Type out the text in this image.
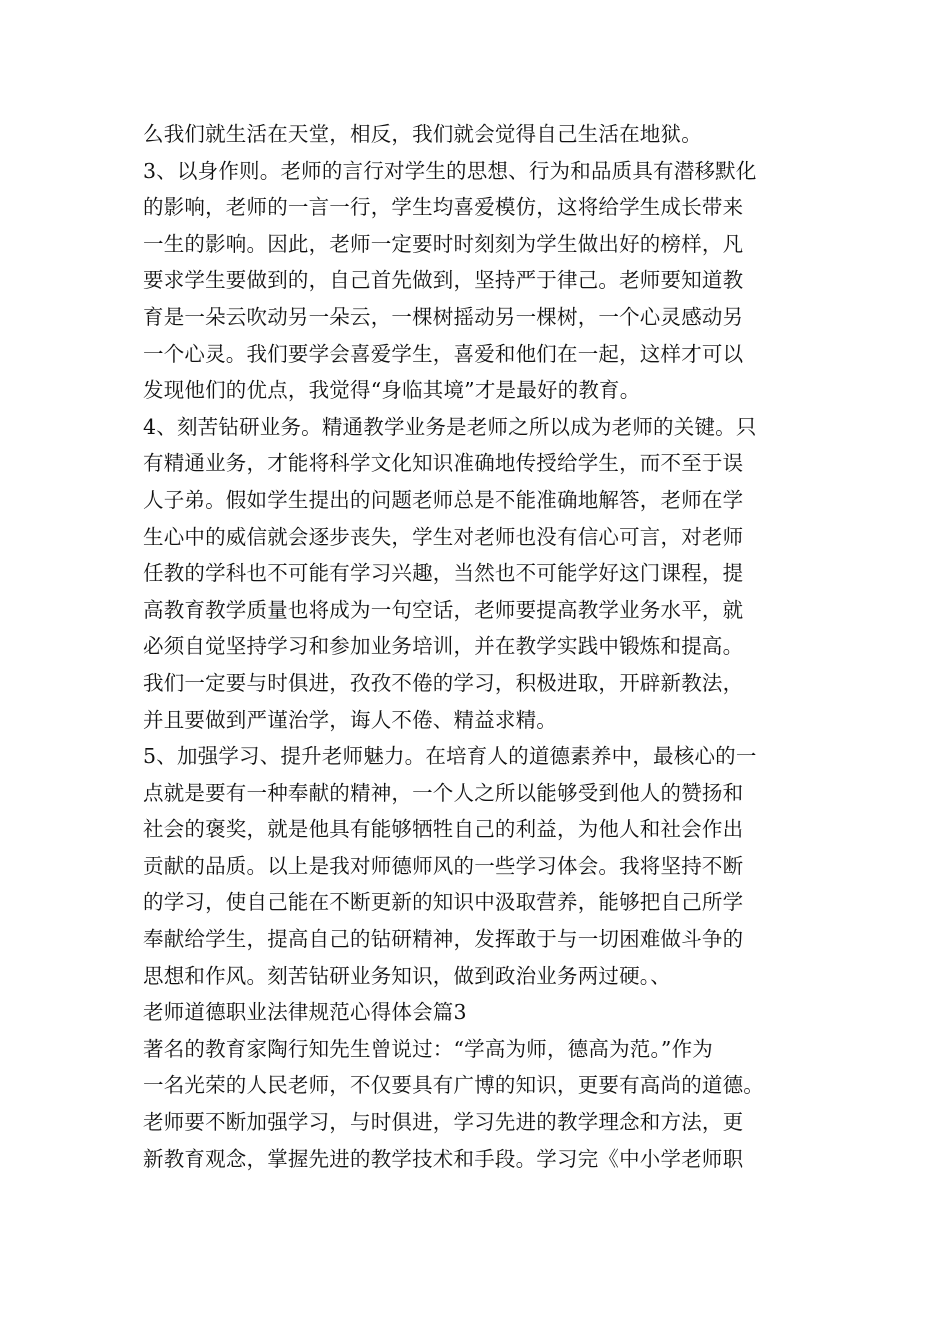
么我们就生活在天堂，相反，我们就会觉得自己生活在地狱。
3、以身作则。老师的言行对学生的思想、行为和品质具有潜移默化
的影响，老师的一言一行，学生均喜爱模仿，这将给学生成长带来
一生的影响。因此，老师一定要时时刻刻为学生做出好的榜样，凡
要求学生要做到的，自己首先做到，坚持严于律己。老师要知道教
育是一朵云吹动另一朵云，一棵树摇动另一棵树，一个心灵感动另
一个心灵。我们要学会喜爱学生，喜爱和他们在一起，这样才可以
发现他们的优点，我觉得“身临其境”才是最好的教育。
4、刻苦钻研业务。精通教学业务是老师之所以成为老师的关键。只
有精通业务，才能将科学文化知识准确地传授给学生，而不至于误
人子弟。假如学生提出的问题老师总是不能准确地解答，老师在学
生心中的威信就会逐步丧失，学生对老师也没有信心可言，对老师
任教的学科也不可能有学习兴趣，当然也不可能学好这门课程，提
高教育教学质量也将成为一句空话，老师要提高教学业务水平，就
必须自觉坚持学习和参加业务培训，并在教学实践中锻炼和提高。
我们一定要与时俱进，孜孜不倦的学习，积极进取，开辟新教法，
并且要做到严谨治学，诲人不倦、精益求精。
5、加强学习、提升老师魅力。在培育人的道德素养中，最核心的一
点就是要有一种奉献的精神，一个人之所以能够受到他人的赞扬和
社会的褒奖，就是他具有能够牺牲自己的利益，为他人和社会作出
贡献的品质。以上是我对师德师风的一些学习体会。我将坚持不断
的学习，使自己能在不断更新的知识中汲取营养，能够把自己所学
奉献给学生，提高自己的钻研精神，发挥敢于与一切困难做斗争的
思想和作风。刻苦钻研业务知识，做到政治业务两过硬。、
老师道德职业法律规范心得体会篇3
著名的教育家陶行知先生曾说过：“学高为师，德高为范。”作为
一名光荣的人民老师，不仅要具有广博的知识，更要有高尚的道德。
老师要不断加强学习，与时俱进，学习先进的教学理念和方法，更
新教育观念，掌握先进的教学技术和手段。学习完《中小学老师职
